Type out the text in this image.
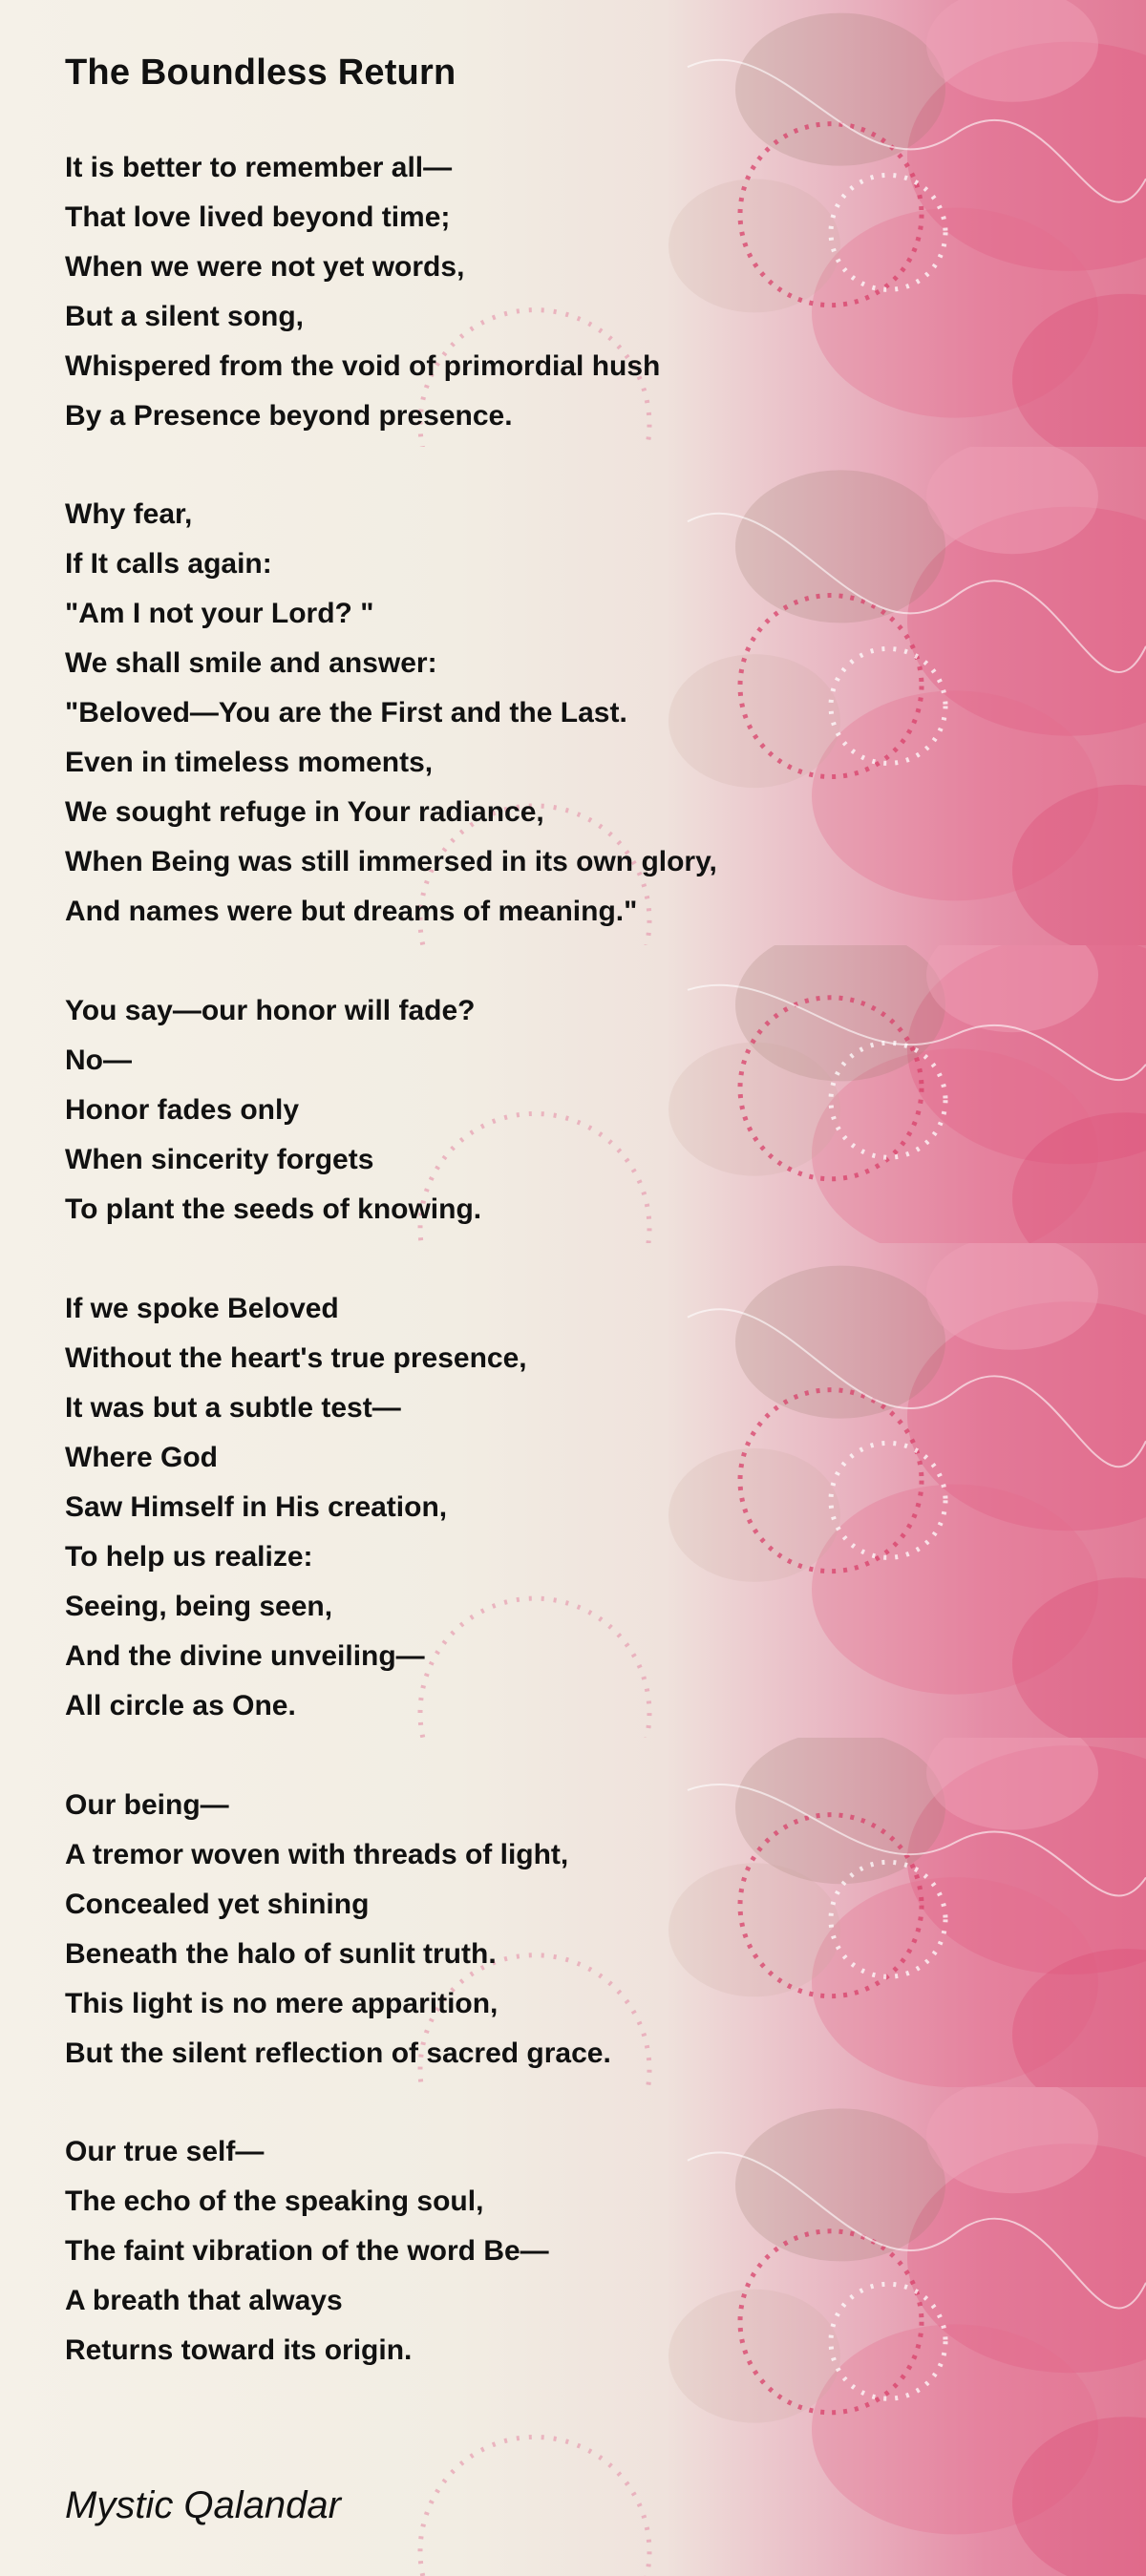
The Boundless Return
It is better to remember all—
That love lived beyond time;
When we were not yet words,
But a silent song,
Whispered from the void of primordial hush
By a Presence beyond presence.
Why fear,
If It calls again:
"Am I not your Lord? "
We shall smile and answer:
"Beloved—You are the First and the Last.
Even in timeless moments,
We sought refuge in Your radiance,
When Being was still immersed in its own glory,
And names were but dreams of meaning."
You say—our honor will fade?
No—
Honor fades only
When sincerity forgets
To plant the seeds of knowing.
If we spoke Beloved
Without the heart's true presence,
It was but a subtle test—
Where God
Saw Himself in His creation,
To help us realize:
Seeing, being seen,
And the divine unveiling—
All circle as One.
Our being—
A tremor woven with threads of light,
Concealed yet shining
Beneath the halo of sunlit truth.
This light is no mere apparition,
But the silent reflection of sacred grace.
Our true self—
The echo of the speaking soul,
The faint vibration of the word Be—
A breath that always
Returns toward its origin.
Mystic Qalandar
